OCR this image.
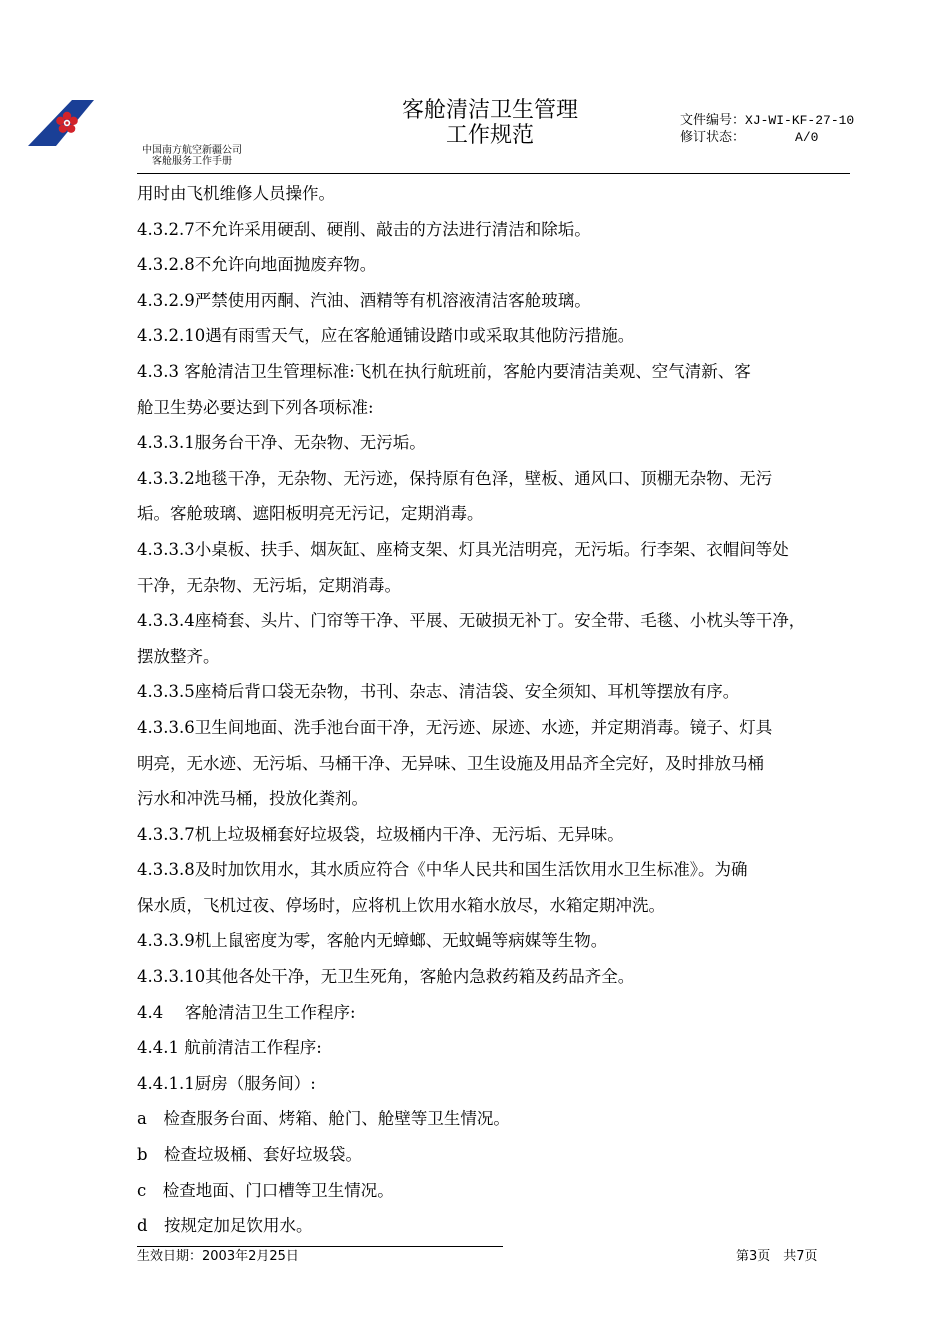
中国南方航空新疆公司
客舱服务工作手册
客舱清洁卫生管理
工作规范
文件编号：XJ-WI-KF-27-10
修订状态：	A/0
用时由飞机维修人员操作。
4.3.2.7不允许采用硬刮、硬削、敲击的方法进行清洁和除垢。
4.3.2.8不允许向地面抛废弃物。
4.3.2.9严禁使用丙酮、汽油、酒精等有机溶液清洁客舱玻璃。
4.3.2.10遇有雨雪天气，应在客舱通铺设踏巾或采取其他防污措施。
4.3.3 客舱清洁卫生管理标准:飞机在执行航班前，客舱内要清洁美观、空气清新、客
舱卫生势必要达到下列各项标准:
4.3.3.1服务台干净、无杂物、无污垢。
4.3.3.2地毯干净，无杂物、无污迹，保持原有色泽，壁板、通风口、顶棚无杂物、无污
垢。客舱玻璃、遮阳板明亮无污记，定期消毒。
4.3.3.3小桌板、扶手、烟灰缸、座椅支架、灯具光洁明亮，无污垢。行李架、衣帽间等处
干净，无杂物、无污垢，定期消毒。
4.3.3.4座椅套、头片、门帘等干净、平展、无破损无补丁。安全带、毛毯、小枕头等干净，
摆放整齐。
4.3.3.5座椅后背口袋无杂物，书刊、杂志、清洁袋、安全须知、耳机等摆放有序。
4.3.3.6卫生间地面、洗手池台面干净，无污迹、尿迹、水迹，并定期消毒。镜子、灯具
明亮，无水迹、无污垢、马桶干净、无异味、卫生设施及用品齐全完好，及时排放马桶
污水和冲洗马桶，投放化粪剂。
4.3.3.7机上垃圾桶套好垃圾袋，垃圾桶内干净、无污垢、无异味。
4.3.3.8及时加饮用水，其水质应符合《中华人民共和国生活饮用水卫生标准》。为确
保水质，飞机过夜、停场时，应将机上饮用水箱水放尽，水箱定期冲洗。
4.3.3.9机上鼠密度为零，客舱内无蟑螂、无蚊蝇等病媒等生物。
4.3.3.10其他各处干净，无卫生死角，客舱内急救药箱及药品齐全。
4.4　 客舱清洁卫生工作程序:
4.4.1 航前清洁工作程序:
4.4.1.1厨房（服务间）:
a　检查服务台面、烤箱、舱门、舱壁等卫生情况。
b　检查垃圾桶、套好垃圾袋。
c　检查地面、门口槽等卫生情况。
d　按规定加足饮用水。
生效日期：2003年2月25日	第3页　共7页
